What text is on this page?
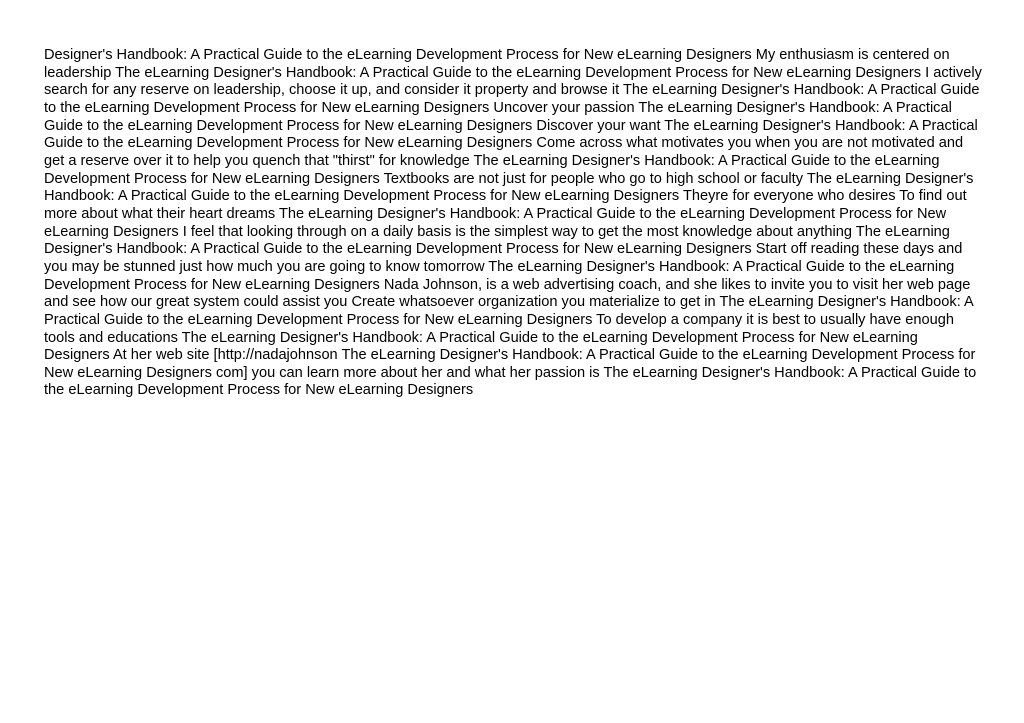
Designer's Handbook: A Practical Guide to the eLearning Development Process for New eLearning Designers My enthusiasm is centered on leadership The eLearning Designer's Handbook: A Practical Guide to the eLearning Development Process for New eLearning Designers I actively search for any reserve on leadership, choose it up, and consider it property and browse it The eLearning Designer's Handbook: A Practical Guide to the eLearning Development Process for New eLearning Designers Uncover your passion The eLearning Designer's Handbook: A Practical Guide to the eLearning Development Process for New eLearning Designers Discover your want The eLearning Designer's Handbook: A Practical Guide to the eLearning Development Process for New eLearning Designers Come across what motivates you when you are not motivated and get a reserve over it to help you quench that "thirst" for knowledge The eLearning Designer's Handbook: A Practical Guide to the eLearning Development Process for New eLearning Designers Textbooks are not just for people who go to high school or faculty The eLearning Designer's Handbook: A Practical Guide to the eLearning Development Process for New eLearning Designers Theyre for everyone who desires To find out more about what their heart dreams The eLearning Designer's Handbook: A Practical Guide to the eLearning Development Process for New eLearning Designers I feel that looking through on a daily basis is the simplest way to get the most knowledge about anything The eLearning Designer's Handbook: A Practical Guide to the eLearning Development Process for New eLearning Designers Start off reading these days and you may be stunned just how much you are going to know tomorrow The eLearning Designer's Handbook: A Practical Guide to the eLearning Development Process for New eLearning Designers Nada Johnson, is a web advertising coach, and she likes to invite you to visit her web page and see how our great system could assist you Create whatsoever organization you materialize to get in The eLearning Designer's Handbook: A Practical Guide to the eLearning Development Process for New eLearning Designers To develop a company it is best to usually have enough tools and educations The eLearning Designer's Handbook: A Practical Guide to the eLearning Development Process for New eLearning Designers At her web site [http://nadajohnson The eLearning Designer's Handbook: A Practical Guide to the eLearning Development Process for New eLearning Designers com] you can learn more about her and what her passion is The eLearning Designer's Handbook: A Practical Guide to the eLearning Development Process for New eLearning Designers
